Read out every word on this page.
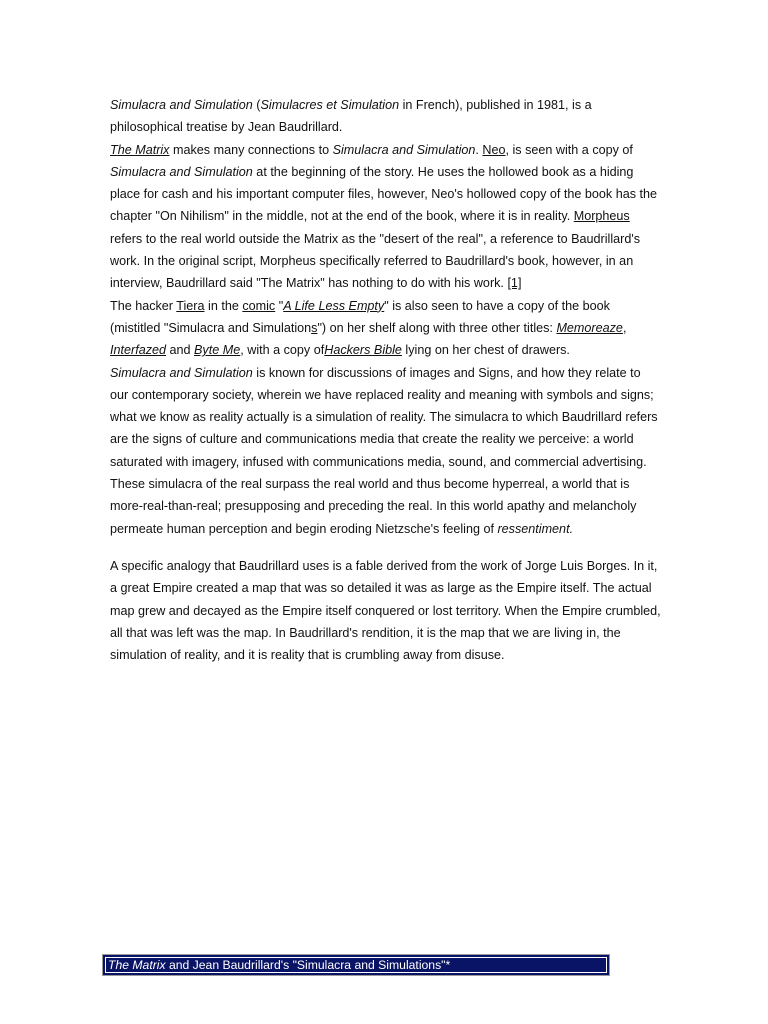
Simulacra and Simulation (Simulacres et Simulation in French), published in 1981, is a philosophical treatise by Jean Baudrillard.

The Matrix makes many connections to Simulacra and Simulation. Neo, is seen with a copy of Simulacra and Simulation at the beginning of the story. He uses the hollowed book as a hiding place for cash and his important computer files, however, Neo's hollowed copy of the book has the chapter "On Nihilism" in the middle, not at the end of the book, where it is in reality. Morpheus refers to the real world outside the Matrix as the "desert of the real", a reference to Baudrillard's work. In the original script, Morpheus specifically referred to Baudrillard's book, however, in an interview, Baudrillard said "The Matrix" has nothing to do with his work. [1]

The hacker Tiera in the comic "A Life Less Empty" is also seen to have a copy of the book (mistitled "Simulacra and Simulations") on her shelf along with three other titles: Memoreaze, Interfazed and Byte Me, with a copy ofHackers Bible lying on her chest of drawers.

Simulacra and Simulation is known for discussions of images and Signs, and how they relate to our contemporary society, wherein we have replaced reality and meaning with symbols and signs; what we know as reality actually is a simulation of reality. The simulacra to which Baudrillard refers are the signs of culture and communications media that create the reality we perceive: a world saturated with imagery, infused with communications media, sound, and commercial advertising. These simulacra of the real surpass the real world and thus become hyperreal, a world that is more-real-than-real; presupposing and preceding the real. In this world apathy and melancholy permeate human perception and begin eroding Nietzsche's feeling of ressentiment.

A specific analogy that Baudrillard uses is a fable derived from the work of Jorge Luis Borges. In it, a great Empire created a map that was so detailed it was as large as the Empire itself. The actual map grew and decayed as the Empire itself conquered or lost territory. When the Empire crumbled, all that was left was the map. In Baudrillard's rendition, it is the map that we are living in, the simulation of reality, and it is reality that is crumbling away from disuse.

The Matrix and Jean Baudrillard's "Simulacra and Simulations"*
